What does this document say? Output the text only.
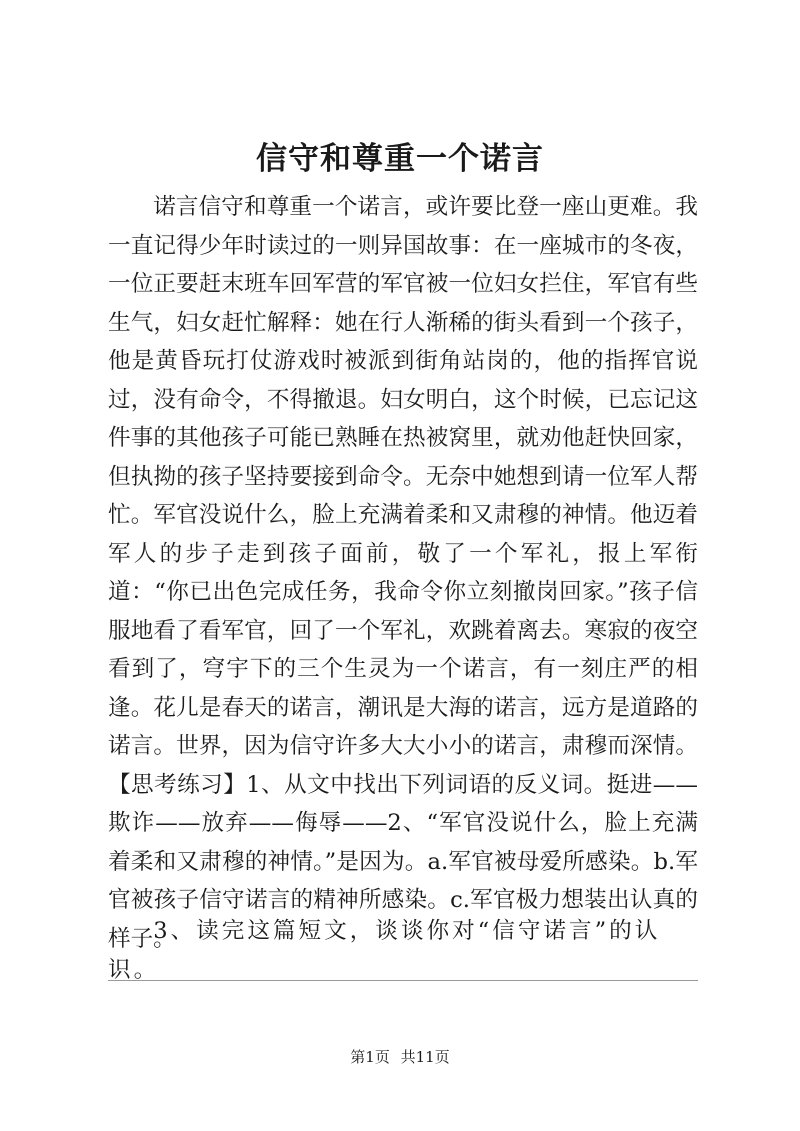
信守和尊重一个诺言

诺言信守和尊重一个诺言，或许要比登一座山更难。我一直记得少年时读过的一则异国故事：在一座城市的冬夜，一位正要赶末班车回军营的军官被一位妇女拦住，军官有些生气，妇女赶忙解释：她在行人渐稀的街头看到一个孩子，他是黄昏玩打仗游戏时被派到街角站岗的，他的指挥官说过，没有命令，不得撤退。妇女明白，这个时候，已忘记这件事的其他孩子可能已熟睡在热被窝里，就劝他赶快回家，但执拗的孩子坚持要接到命令。无奈中她想到请一位军人帮忙。军官没说什么，脸上充满着柔和又肃穆的神情。他迈着军人的步子走到孩子面前，敬了一个军礼，报上军衔道：“你已出色完成任务，我命令你立刻撤岗回家。”孩子信服地看了看军官，回了一个军礼，欢跳着离去。寒寂的夜空看到了，穹宇下的三个生灵为一个诺言，有一刻庄严的相逢。花儿是春天的诺言，潮讯是大海的诺言，远方是道路的诺言。世界，因为信守许多大大小小的诺言，肃穆而深情。【思考练习】1、从文中找出下列词语的反义词。挺进——欺诈——放弃——侮辱——2、“军官没说什么，脸上充满着柔和又肃穆的神情。”是因为。a.军官被母爱所感染。b.军官被孩子信守诺言的精神所感染。c.军官极力想装出认真的样子。

3、读完这篇短文，谈谈你对“信守诺言”的认识。

第1页 共11页
